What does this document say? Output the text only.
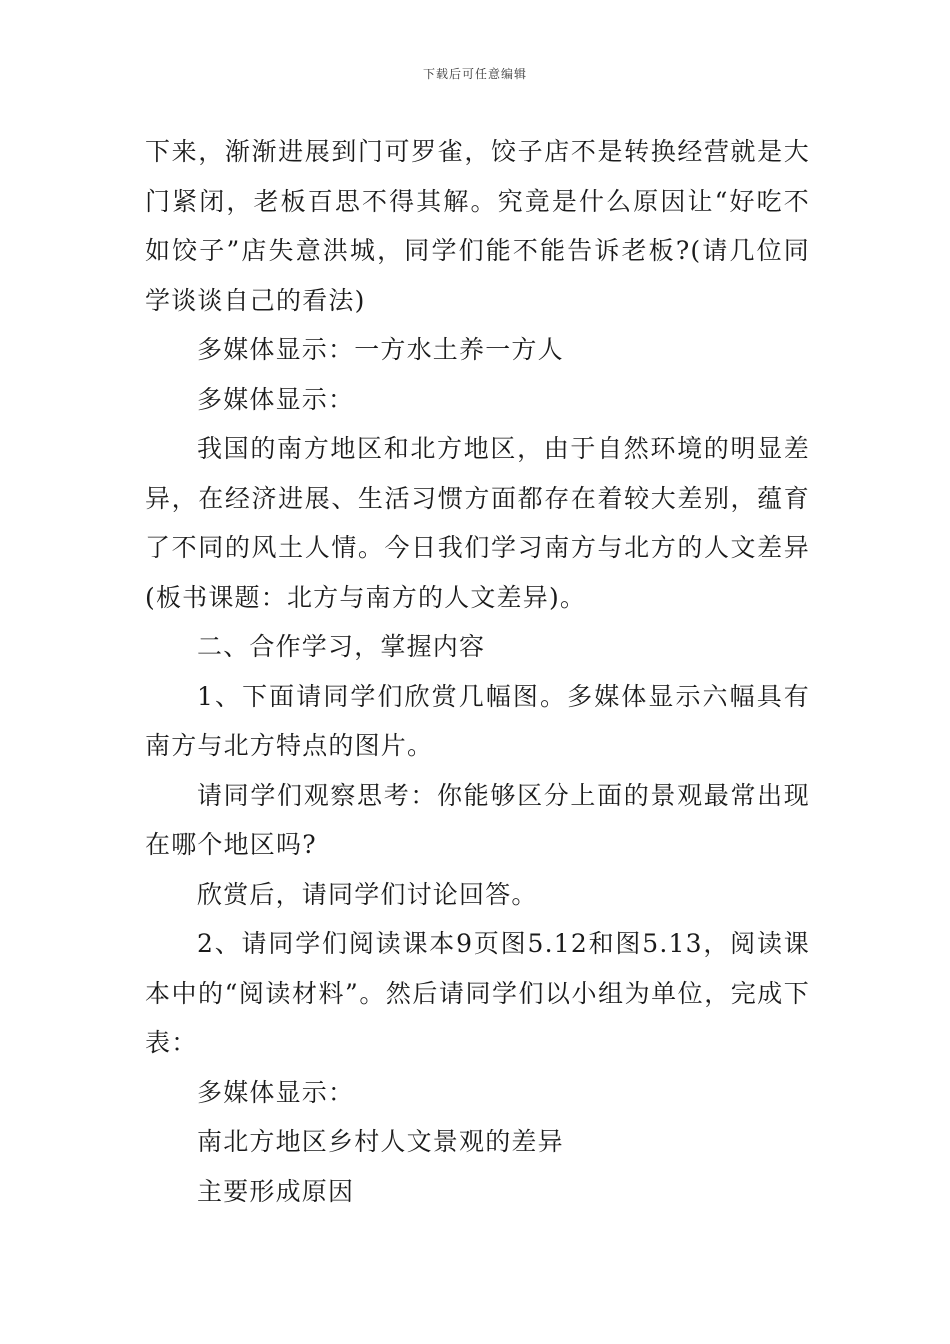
下载后可任意编辑

下来，渐渐进展到门可罗雀，饺子店不是转换经营就是大门紧闭，老板百思不得其解。究竟是什么原因让“好吃不如饺子”店失意洪城，同学们能不能告诉老板?(请几位同学谈谈自己的看法)

多媒体显示：一方水土养一方人

多媒体显示：

我国的南方地区和北方地区，由于自然环境的明显差异，在经济进展、生活习惯方面都存在着较大差别，蕴育了不同的风土人情。今日我们学习南方与北方的人文差异(板书课题：北方与南方的人文差异)。

二、合作学习，掌握内容

1、下面请同学们欣赏几幅图。多媒体显示六幅具有南方与北方特点的图片。

请同学们观察思考：你能够区分上面的景观最常出现在哪个地区吗?

欣赏后，请同学们讨论回答。

2、请同学们阅读课本9页图5.12和图5.13，阅读课本中的“阅读材料”。然后请同学们以小组为单位，完成下表：

多媒体显示：

南北方地区乡村人文景观的差异

主要形成原因
